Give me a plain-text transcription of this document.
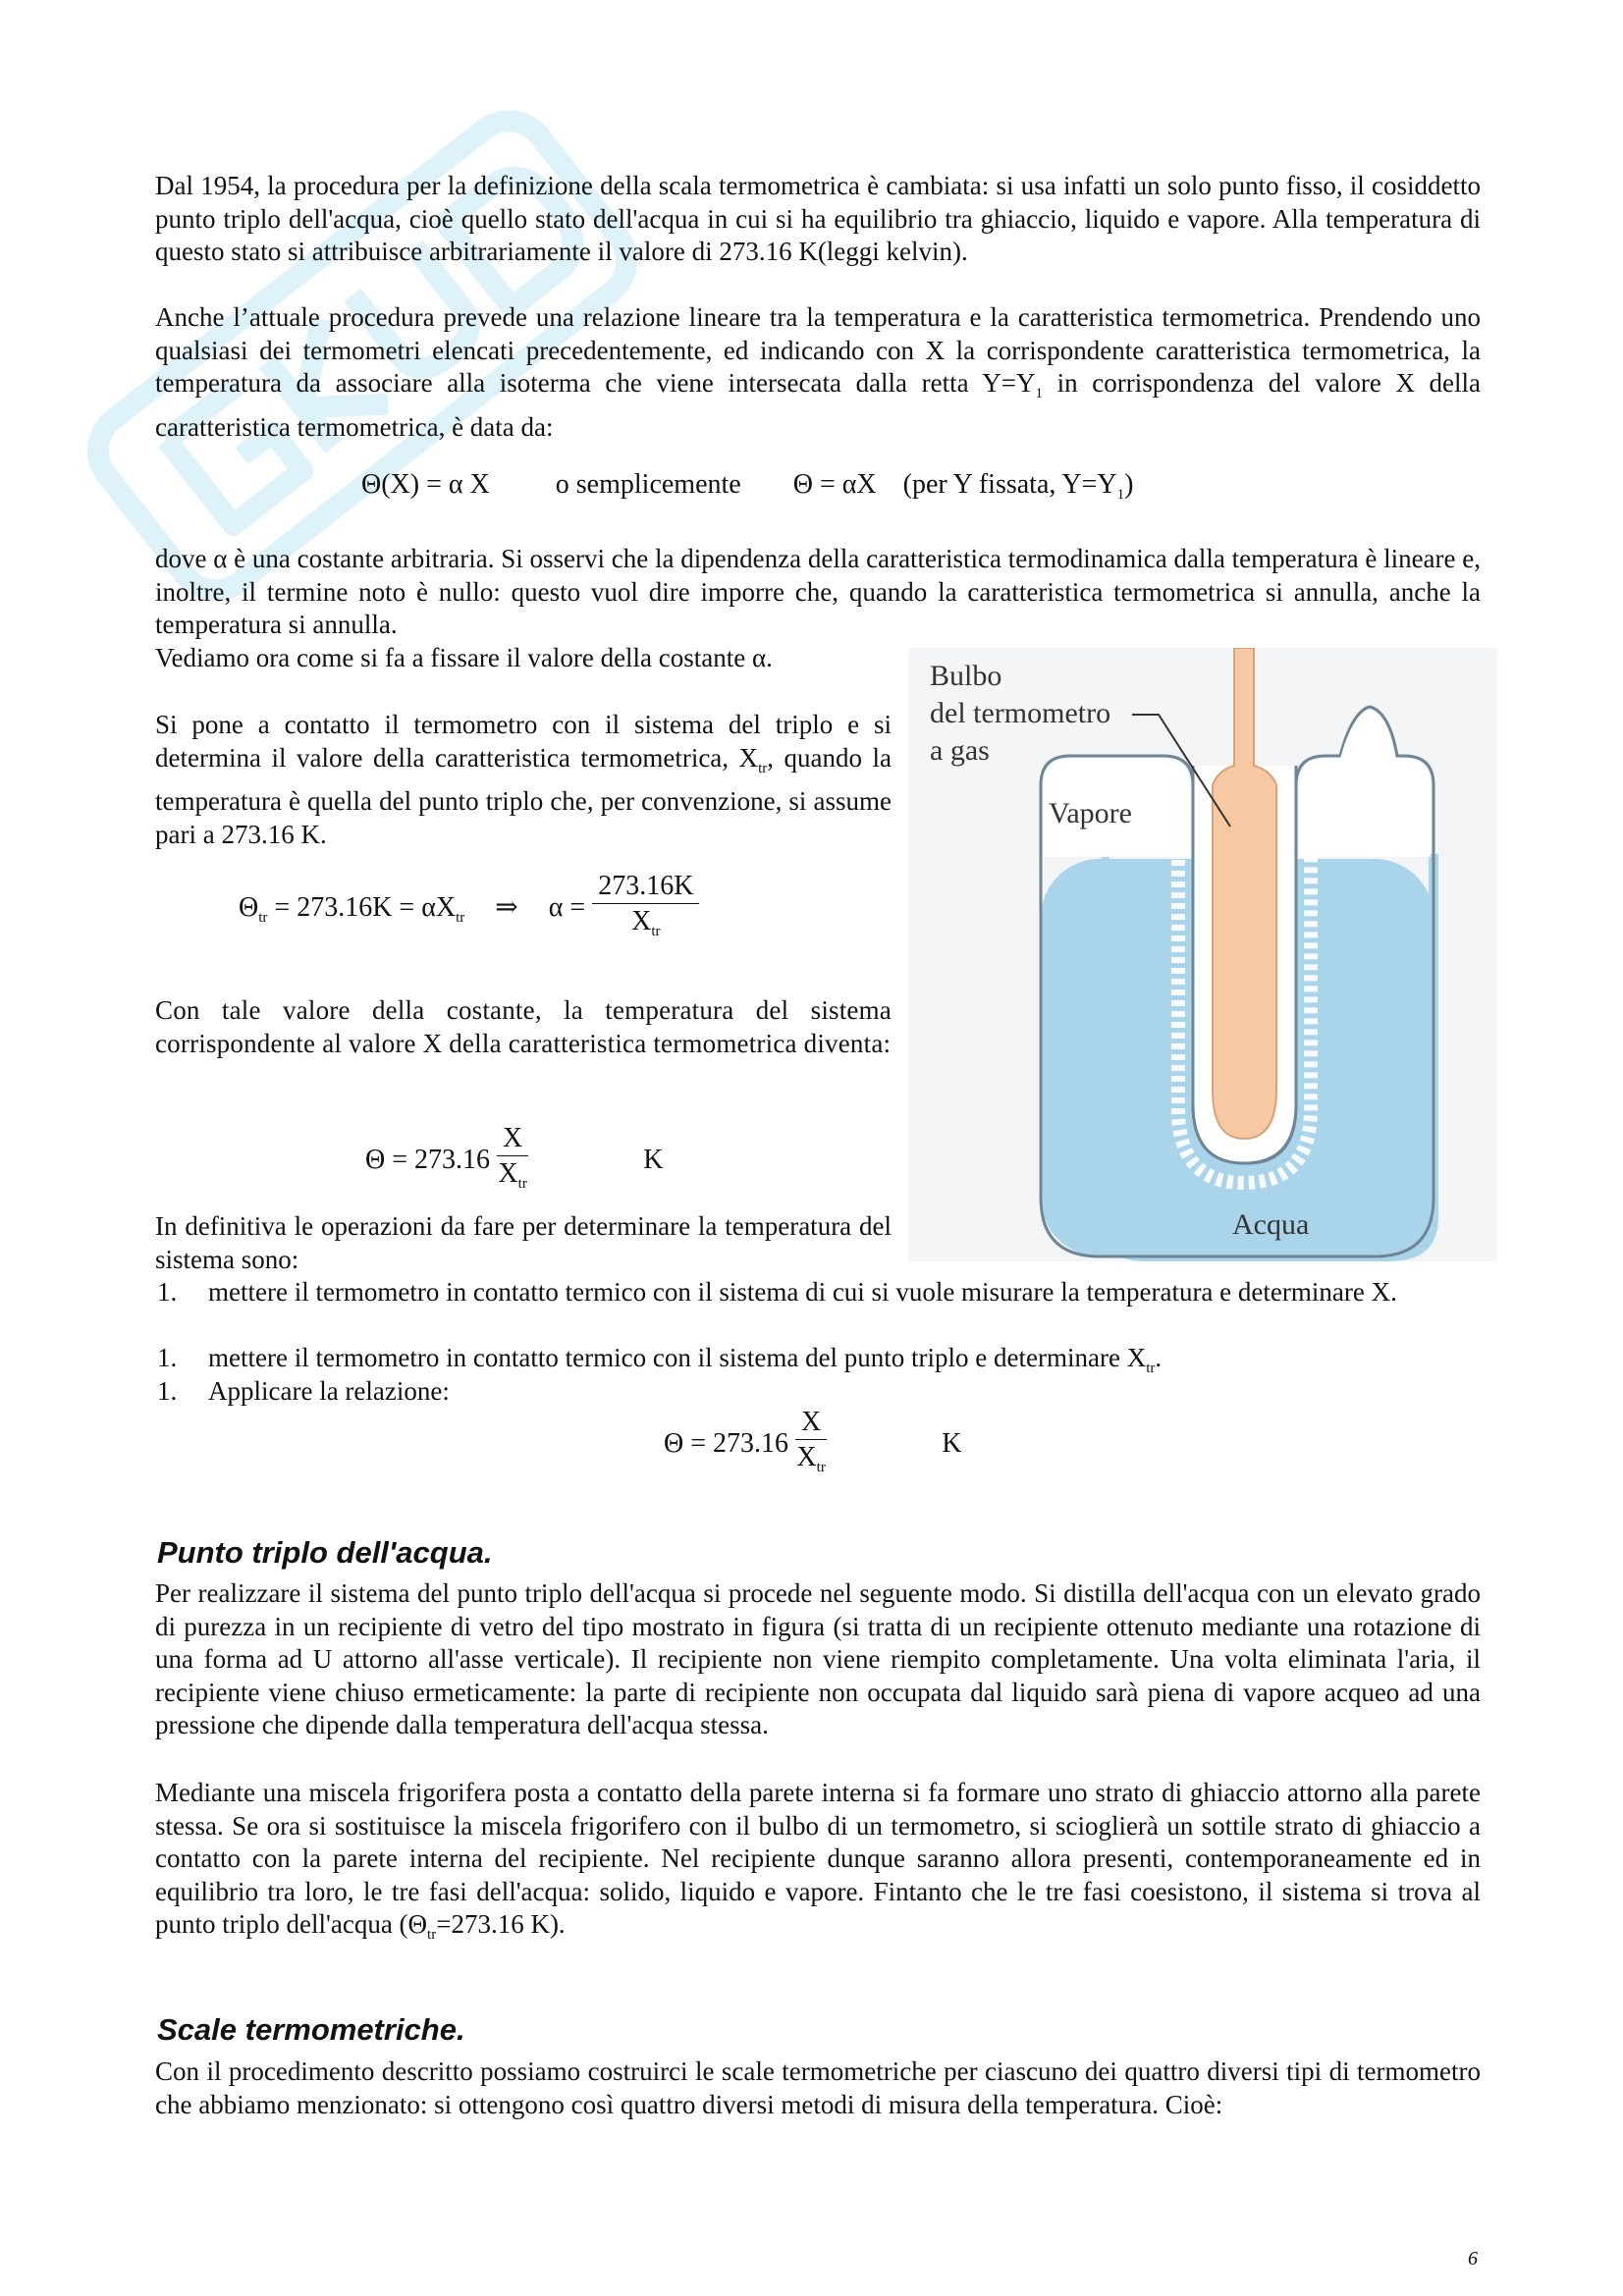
Dal 1954, la procedura per la definizione della scala termometrica è cambiata: si usa infatti un solo punto fisso, il cosiddetto punto triplo dell'acqua, cioè quello stato dell'acqua in cui si ha equilibrio tra ghiaccio, liquido e vapore. Alla temperatura di questo stato si attribuisce arbitrariamente il valore di 273.16 K(leggi kelvin).

Anche l’attuale procedura prevede una relazione lineare tra la temperatura e la caratteristica termometrica. Prendendo uno qualsiasi dei termometri elencati precedentemente, ed indicando con X la corrispondente caratteristica termometrica, la temperatura da associare alla isoterma che viene intersecata dalla retta $Y=Y_1$ in corrispondenza del valore X della caratteristica termometrica, è data da:

Θ(X) = α X o semplicemente Θ = αX (per Y fissata, $Y=Y_1$)

dove α è una costante arbitraria. Si osservi che la dipendenza della caratteristica termodinamica dalla temperatura è lineare e, inoltre, il termine noto è nullo: questo vuol dire imporre che, quando la caratteristica termometrica si annulla, anche la temperatura si annulla.

Vediamo ora come si fa a fissare il valore della costante α.

Si pone a contatto il termometro con il sistema del triplo e si determina il valore della caratteristica termometrica, $X_{tr}$, quando la temperatura è quella del punto triplo che, per convenzione, si assume pari a 273.16 K.

$\Theta_{tr} = 273.16K = \alpha X_{tr}$ ⇒ $\alpha = \frac{273.16K}{X_{tr}}$

Con tale valore della costante, la temperatura del sistema corrispondente al valore X della caratteristica termometrica diventa:

$\Theta = 273.16 \frac{X}{X_{tr}}$	K

In definitiva le operazioni da fare per determinare la temperatura del sistema sono:

1. mettere il termometro in contatto termico con il sistema di cui si vuole misurare la temperatura e determinare X.
1. mettere il termometro in contatto termico con il sistema del punto triplo e determinare $X_{tr}$.
1. Applicare la relazione:
$\Theta = 273.16 \frac{X}{X_{tr}}$	K
Punto triplo dell'acqua.

Per realizzare il sistema del punto triplo dell'acqua si procede nel seguente modo. Si distilla dell'acqua con un elevato grado di purezza in un recipiente di vetro del tipo mostrato in figura (si tratta di un recipiente ottenuto mediante una rotazione di una forma ad U attorno all'asse verticale). Il recipiente non viene riempito completamente. Una volta eliminata l'aria, il recipiente viene chiuso ermeticamente: la parte di recipiente non occupata dal liquido sarà piena di vapore acqueo ad una pressione che dipende dalla temperatura dell'acqua stessa.

Mediante una miscela frigorifera posta a contatto della parete interna si fa formare uno strato di ghiaccio attorno alla parete stessa. Se ora si sostituisce la miscela frigorifero con il bulbo di un termometro, si scioglierà un sottile strato di ghiaccio a contatto con la parete interna del recipiente. Nel recipiente dunque saranno allora presenti, contemporaneamente ed in equilibrio tra loro, le tre fasi dell'acqua: solido, liquido e vapore. Fintanto che le tre fasi coesistono, il sistema si trova al punto triplo dell'acqua ($\Theta_{tr}=273.16$ K).

Scale termometriche.

Con il procedimento descritto possiamo costruirci le scale termometriche per ciascuno dei quattro diversi tipi di termometro che abbiamo menzionato: si ottengono così quattro diversi metodi di misura della temperatura. Cioè:

6
Bulbo
del termometro
a gas
Vapore
Acqua
